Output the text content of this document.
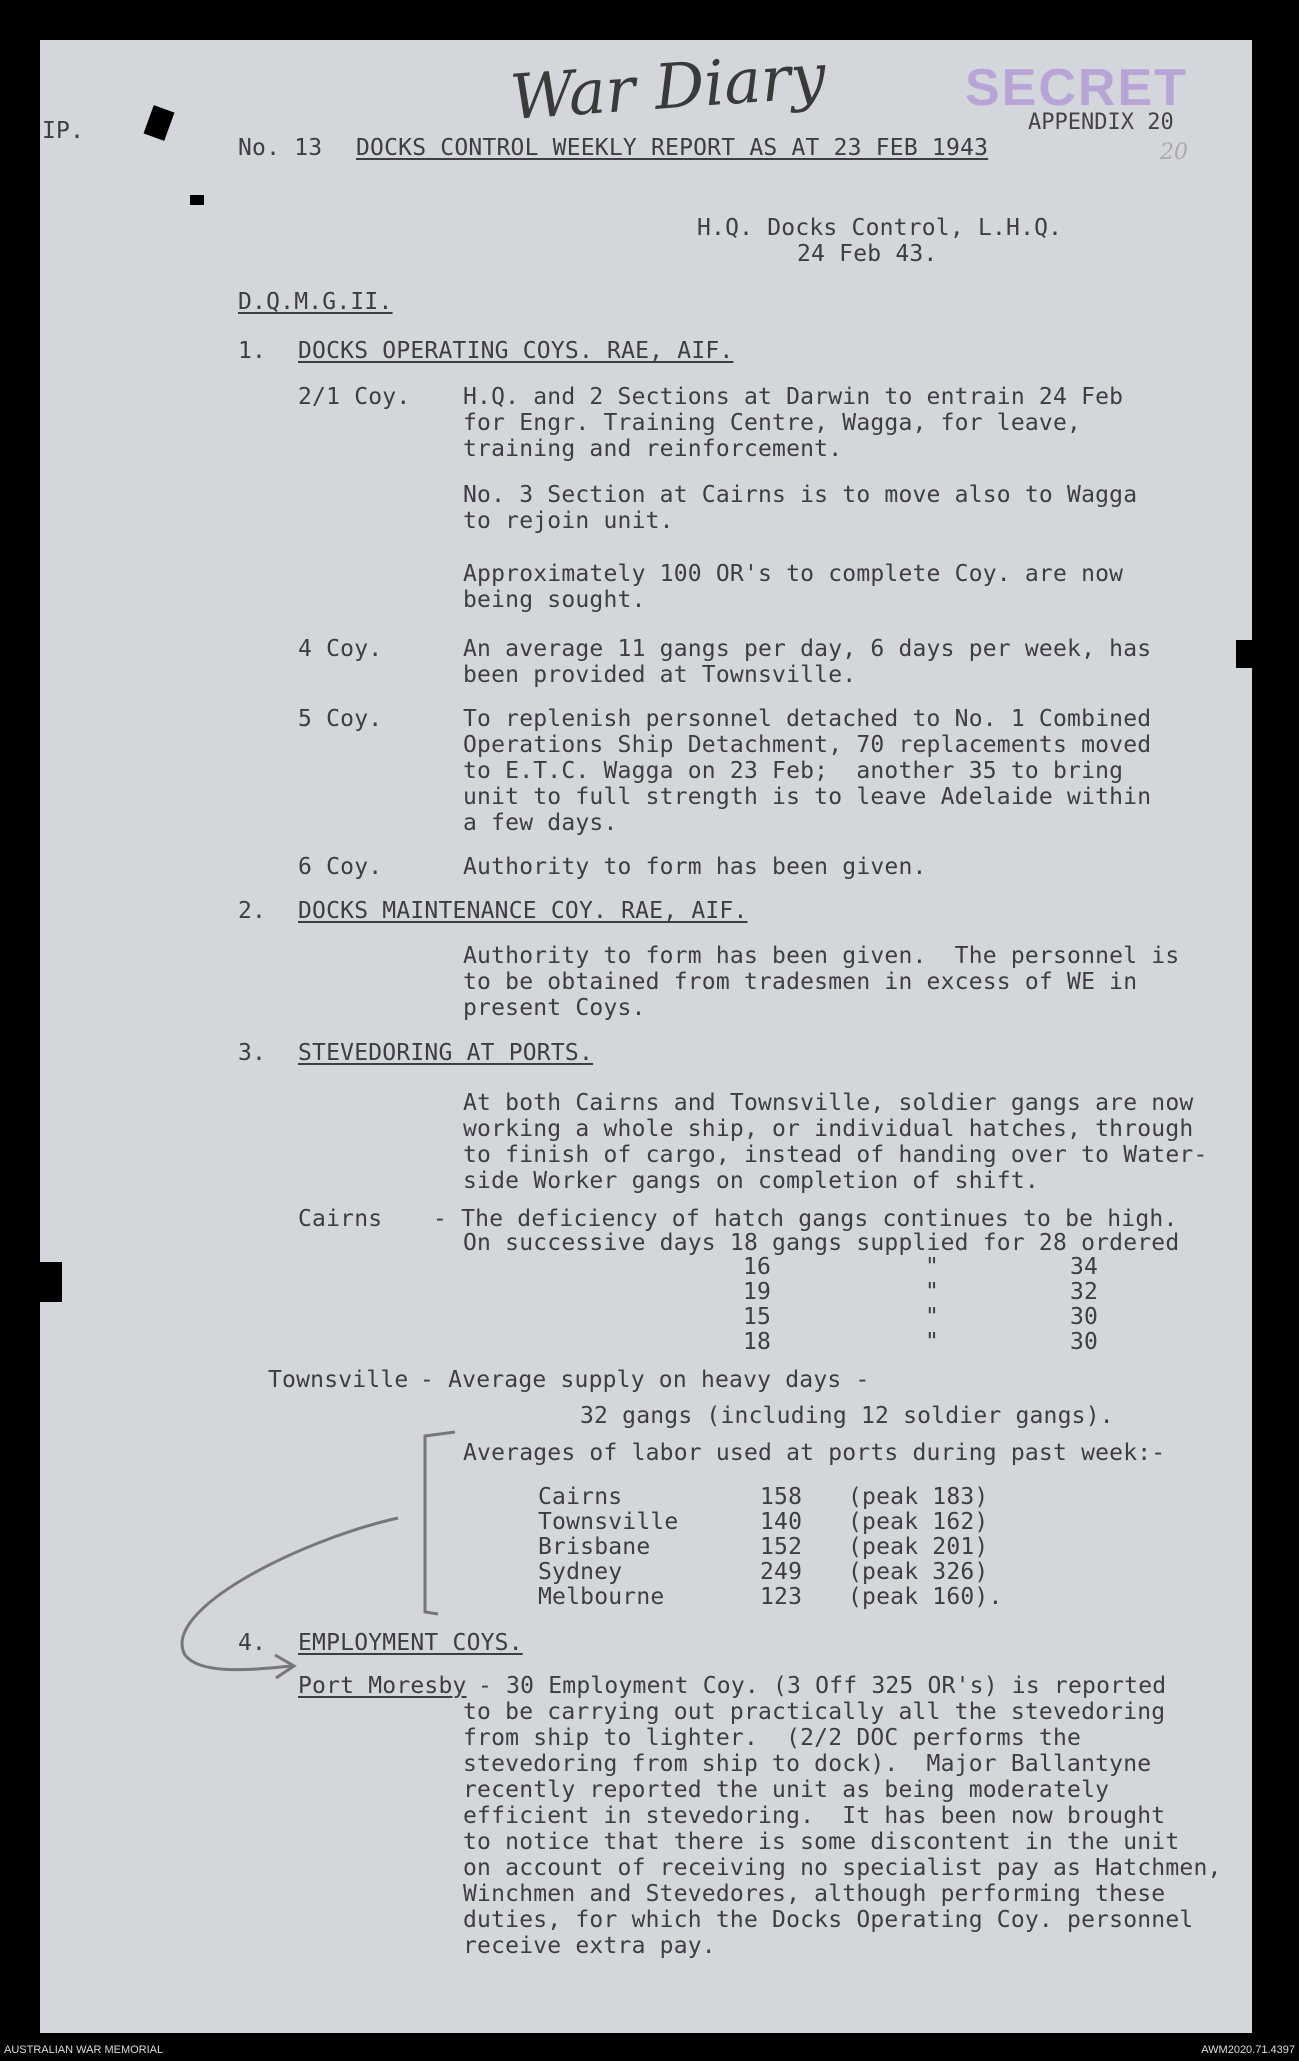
IP.	War Diary	SECRET
APPENDIX 20
20
No. 13 DOCKS CONTROL WEEKLY REPORT AS AT 23 FEB 1943
H.Q. Docks Control, L.H.Q.
24 Feb 43.
D.Q.M.G.II.
1. DOCKS OPERATING COYS. RAE, AIF.
2/1 Coy. H.Q. and 2 Sections at Darwin to entrain 24 Feb
for Engr. Training Centre, Wagga, for leave,
training and reinforcement.
No. 3 Section at Cairns is to move also to Wagga
to rejoin unit.
Approximately 100 OR's to complete Coy. are now
being sought.
4 Coy.	An average 11 gangs per day, 6 days per week, has
been provided at Townsville.
5 Coy.	To replenish personnel detached to No. 1 Combined
Operations Ship Detachment, 70 replacements moved
to E.T.C. Wagga on 23 Feb;  another 35 to bring
unit to full strength is to leave Adelaide within
a few days.
6 Coy.	Authority to form has been given.
2. DOCKS MAINTENANCE COY. RAE, AIF.
Authority to form has been given.  The personnel is
to be obtained from tradesmen in excess of WE in
present Coys.
3. STEVEDORING AT PORTS.
At both Cairns and Townsville, soldier gangs are now
working a whole ship, or individual hatches, through
to finish of cargo, instead of handing over to Water-
side Worker gangs on completion of shift.
Cairns - The deficiency of hatch gangs continues to be high.
On successive days 18 gangs supplied for 28 ordered
16	"	34
19	"	32
15	"	30
18	"	30
Townsville - Average supply on heavy days -
32 gangs (including 12 soldier gangs).
Averages of labor used at ports during past week:-
Cairns	158 (peak 183)
Townsville	140 (peak 162)
Brisbane	152 (peak 201)
Sydney	249 (peak 326)
Melbourne	123 (peak 160).
4. EMPLOYMENT COYS.
Port Moresby - 30 Employment Coy. (3 Off 325 OR's) is reported
to be carrying out practically all the stevedoring
from ship to lighter.  (2/2 DOC performs the
stevedoring from ship to dock).  Major Ballantyne
recently reported the unit as being moderately
efficient in stevedoring.  It has been now brought
to notice that there is some discontent in the unit
on account of receiving no specialist pay as Hatchmen,
Winchmen and Stevedores, although performing these
duties, for which the Docks Operating Coy. personnel
receive extra pay.
AUSTRALIAN WAR MEMORIAL	AWM2020.71.4397
